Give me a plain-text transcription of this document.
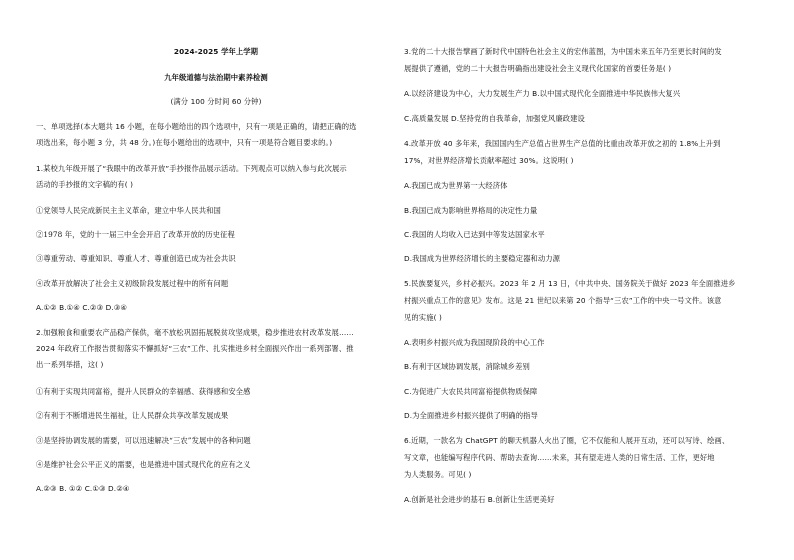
2024-2025 学年上学期
九年级道德与法治期中素养检测
(满分 100 分时间 60 分钟)
一、单项选择(本大题共 16 小题，在每小题给出的四个选项中，只有一项是正确的，请把正确的选
项选出来，每小题 3 分，共 48 分。)在每小题给出的选项中，只有一项是符合题目要求的。)
1.某校九年级开展了“我眼中的改革开放”手抄报作品展示活动。下列观点可以纳入参与此次展示
活动的手抄报的文字稿的有( )
①党领导人民完成新民主主义革命，建立中华人民共和国
②1978 年，党的十一届三中全会开启了改革开放的历史征程
③尊重劳动、尊重知识、尊重人才、尊重创造已成为社会共识
④改革开放解决了社会主义初级阶段发展过程中的所有问题
A.①② B.①④ C.②③ D.③④
2.加强粮食和重要农产品稳产保供，毫不放松巩固拓展脱贫攻坚成果，稳步推进农村改革发展……
2024 年政府工作报告贯彻落实不懈抓好“三农”工作、扎实推进乡村全面振兴作出一系列部署、推
出一系列举措，这( )
①有利于实现共同富裕，提升人民群众的幸福感、获得感和安全感
②有利于不断增进民生福祉，让人民群众共享改革发展成果
③是坚持协调发展的需要，可以迅速解决“三农”发展中的各种问题
④是维护社会公平正义的需要，也是推进中国式现代化的应有之义
A.②③ B. ①② C.①③ D.②④
3.党的二十大报告擘画了新时代中国特色社会主义的宏伟蓝图，为中国未来五年乃至更长时间的发
展提供了遵循，党的二十大报告明确指出建设社会主义现代化国家的首要任务是( )
A.以经济建设为中心，大力发展生产力 B.以中国式现代化全面推进中华民族伟大复兴
C.高质量发展 D.坚持党的自我革命，加强党风廉政建设
4.改革开放 40 多年来，我国国内生产总值占世界生产总值的比重由改革开放之初的 1.8%上升到
17%，对世界经济增长贡献率超过 30%。这说明( )
A.我国已成为世界第一大经济体
B.我国已成为影响世界格局的决定性力量
C.我国的人均收入已达到中等发达国家水平
D.我国成为世界经济增长的主要稳定器和动力源
5.民族要复兴，乡村必振兴。2023 年 2 月 13 日，《中共中央、国务院关于做好 2023 年全面推进乡
村振兴重点工作的意见》发布。这是 21 世纪以来第 20 个指导“三农”工作的中央一号文件。该意
见的实施( )
A.表明乡村振兴成为我国现阶段的中心工作
B.有利于区域协调发展，消除城乡差别
C.为促进广大农民共同富裕提供物质保障
D.为全面推进乡村振兴提供了明确的指导
6.近期，一款名为 ChatGPT 的聊天机器人火出了圈，它不仅能和人展开互动，还可以写诗、绘画、
写文章，也能编写程序代码、帮助去查询……未来，其有望走进人类的日常生活、工作，更好地
为人类服务。可见( )
A.创新是社会进步的基石 B.创新让生活更美好
